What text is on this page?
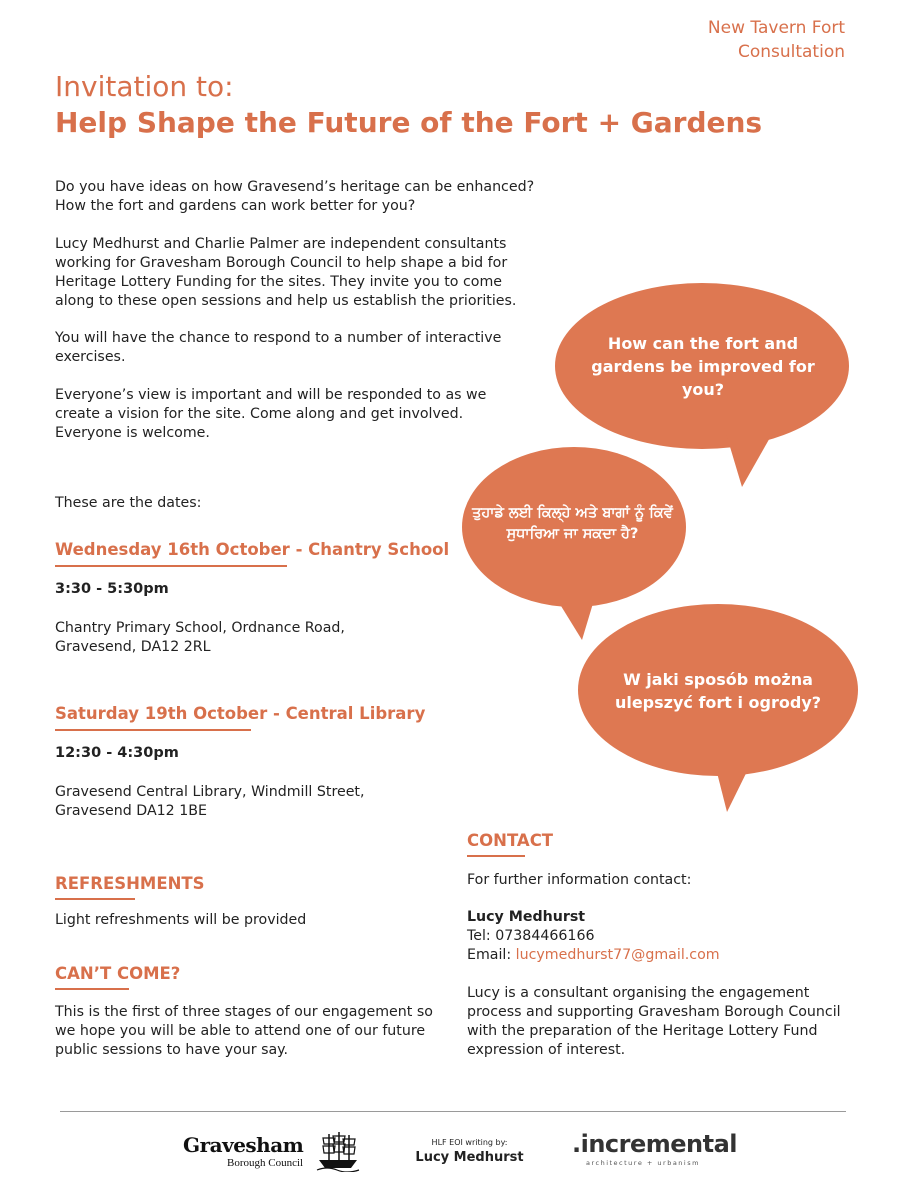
New Tavern Fort
Consultation
Invitation to:
Help Shape the Future of the Fort + Gardens

Do you have ideas on how Gravesend’s heritage can be enhanced? How the fort and gardens can work better for you?

Lucy Medhurst and Charlie Palmer are independent consultants working for Gravesham Borough Council to help shape a bid for Heritage Lottery Funding for the sites. They invite you to come along to these open sessions and help us establish the priorities.

You will have the chance to respond to a number of interactive exercises.

Everyone’s view is important and will be responded to as we create a vision for the site. Come along and get involved. Everyone is welcome.

These are the dates:

Wednesday 16th October - Chantry School
3:30 - 5:30pm
Chantry Primary School, Ordnance Road,
Gravesend, DA12 2RL
Saturday 19th October - Central Library
12:30 - 4:30pm
Gravesend Central Library, Windmill Street,
Gravesend DA12 1BE
REFRESHMENTS
Light refreshments will be provided
CAN’T COME?

This is the first of three stages of our engagement so we hope you will be able to attend one of our future public sessions to have your say.

How can the fort and gardens be improved for you?
ਤੁਹਾਡੇ ਲਈ ਕਿਲ੍ਹੇ ਅਤੇ ਬਾਗਾਂ ਨੂੰ ਕਿਵੇਂ ਸੁਧਾਰਿਆ ਜਾ ਸਕਦਾ ਹੈ?
W jaki sposób można ulepszyć fort i ogrody?
CONTACT
For further information contact:
Lucy Medhurst
Tel: 07384466166
Email: lucymedhurst77@gmail.com
Lucy is a consultant organising the engagement process and supporting Gravesham Borough Council with the preparation of the Heritage Lottery Fund expression of interest.
Gravesham
Borough Council
HLF EOI writing by:
Lucy Medhurst .incremental
architecture + urbanism
